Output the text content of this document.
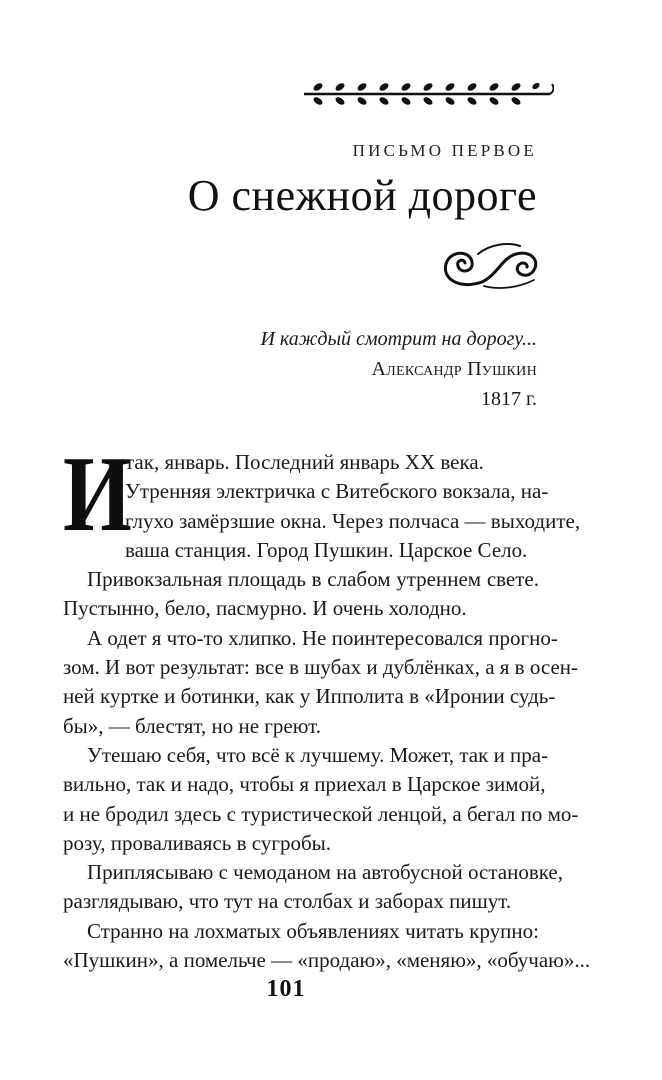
ПИСЬМО ПЕРВОЕ
О снежной дороге
И каждый смотрит на дорогу...
Александр Пушкин
1817 г.
И
так, январь. Последний январь XX века.
Утренняя электричка с Витебского вокзала, на-
глухо замёрзшие окна. Через полчаса — выходите,
ваша станция. Город Пушкин. Царское Село.
Привокзальная площадь в слабом утреннем свете.
Пустынно, бело, пасмурно. И очень холодно.
А одет я что-то хлипко. Не поинтересовался прогно-
зом. И вот результат: все в шубах и дублёнках, а я в осен-
ней куртке и ботинки, как у Ипполита в «Иронии судь-
бы», — блестят, но не греют.
Утешаю себя, что всё к лучшему. Может, так и пра-
вильно, так и надо, чтобы я приехал в Царское зимой,
и не бродил здесь с туристической ленцой, а бегал по мо-
розу, проваливаясь в сугробы.
Приплясываю с чемоданом на автобусной остановке,
разглядываю, что тут на столбах и заборах пишут.
Странно на лохматых объявлениях читать крупно:
«Пушкин», а помельче — «продаю», «меняю», «обучаю»...
101
